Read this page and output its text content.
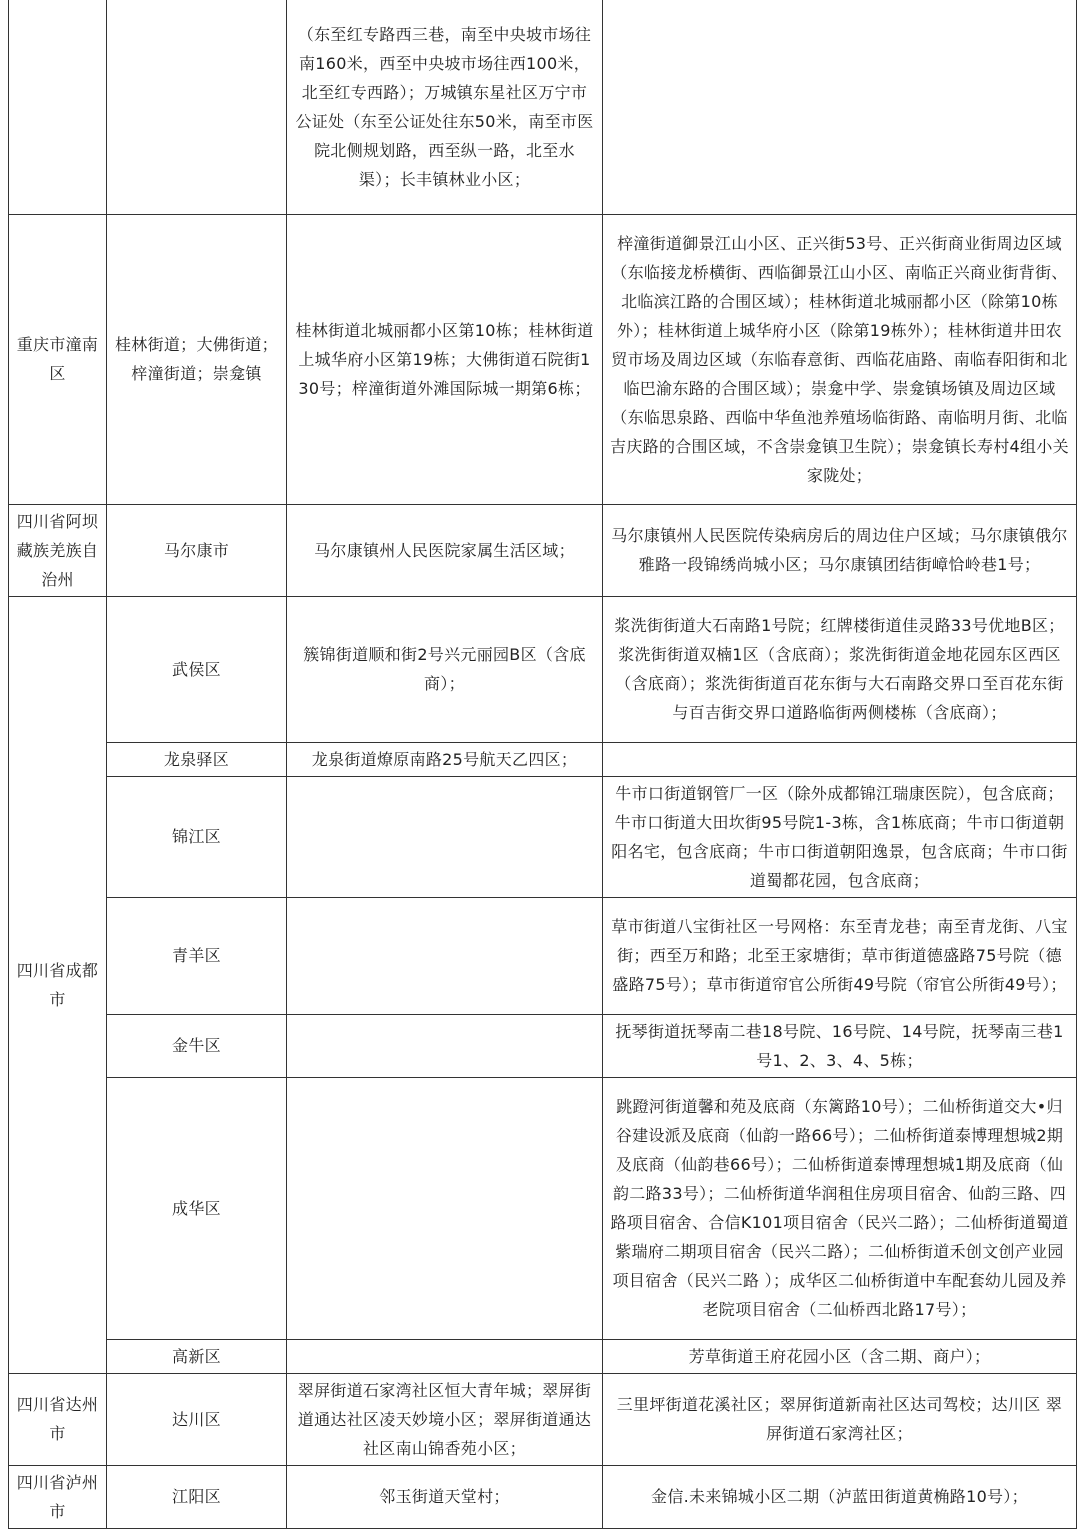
		（东至红专路西三巷，南至中央坡市场往南160米，西至中央坡市场往西100米，北至红专西路）；万城镇东星社区万宁市公证处（东至公证处往东50米，南至市医院北侧规划路，西至纵一路，北至水渠）；长丰镇林业小区；	
重庆市潼南区	桂林街道；大佛街道；梓潼街道；崇龛镇	桂林街道北城丽都小区第10栋；桂林街道上城华府小区第19栋；大佛街道石院街130号；梓潼街道外滩国际城一期第6栋；	梓潼街道御景江山小区、正兴街53号、正兴街商业街周边区域（东临接龙桥横街、西临御景江山小区、南临正兴商业街背街、北临滨江路的合围区域）；桂林街道北城丽都小区（除第10栋外）；桂林街道上城华府小区（除第19栋外）；桂林街道井田农贸市场及周边区域（东临春意街、西临花庙路、南临春阳街和北临巴渝东路的合围区域）；崇龛中学、崇龛镇场镇及周边区域（东临思泉路、西临中华鱼池养殖场临街路、南临明月街、北临吉庆路的合围区域，不含崇龛镇卫生院）；崇龛镇长寿村4组小关家陇处；
四川省阿坝藏族羌族自治州	马尔康市	马尔康镇州人民医院家属生活区域；	马尔康镇州人民医院传染病房后的周边住户区域；马尔康镇俄尔雅路一段锦绣尚城小区；马尔康镇团结街嶂恰岭巷1号；
四川省成都市	武侯区	簇锦街道顺和街2号兴元丽园B区（含底商）；	浆洗街街道大石南路1号院；红牌楼街道佳灵路33号优地B区；浆洗街街道双楠1区（含底商）；浆洗街街道金地花园东区西区（含底商）；浆洗街街道百花东街与大石南路交界口至百花东街与百吉街交界口道路临街两侧楼栋（含底商）；
	龙泉驿区	龙泉街道燎原南路25号航天乙四区；	
	锦江区		牛市口街道钢管厂一区（除外成都锦江瑞康医院），包含底商；牛市口街道大田坎街95号院1-3栋，含1栋底商；牛市口街道朝阳名宅，包含底商；牛市口街道朝阳逸景，包含底商；牛市口街道蜀都花园，包含底商；
	青羊区		草市街道八宝街社区一号网格：东至青龙巷；南至青龙街、八宝街；西至万和路；北至王家塘街；草市街道德盛路75号院（德盛路75号）；草市街道帘官公所街49号院（帘官公所街49号）；
	金牛区		抚琴街道抚琴南二巷18号院、16号院、14号院，抚琴南三巷1号1、2、3、4、5栋；
	成华区		跳蹬河街道馨和苑及底商（东篱路10号）；二仙桥街道交大•归谷建设派及底商（仙韵一路66号）；二仙桥街道泰博理想城2期及底商（仙韵巷66号）；二仙桥街道泰博理想城1期及底商（仙韵二路33号）；二仙桥街道华润租住房项目宿舍、仙韵三路、四路项目宿舍、合信K101项目宿舍（民兴二路）；二仙桥街道蜀道紫瑞府二期项目宿舍（民兴二路）；二仙桥街道禾创文创产业园项目宿舍（民兴二路 ）；成华区二仙桥街道中车配套幼儿园及养老院项目宿舍（二仙桥西北路17号）；
	高新区		芳草街道王府花园小区（含二期、商户）；
四川省达州市	达川区	翠屏街道石家湾社区恒大青年城；翠屏街道通达社区凌天妙境小区；翠屏街道通达社区南山锦香苑小区；	三里坪街道花溪社区；翠屏街道新南社区达司驾校；达川区 翠屏街道石家湾社区；
四川省泸州市	江阳区	邻玉街道天堂村；	金信.未来锦城小区二期（泸蓝田街道黄桷路10号）；
